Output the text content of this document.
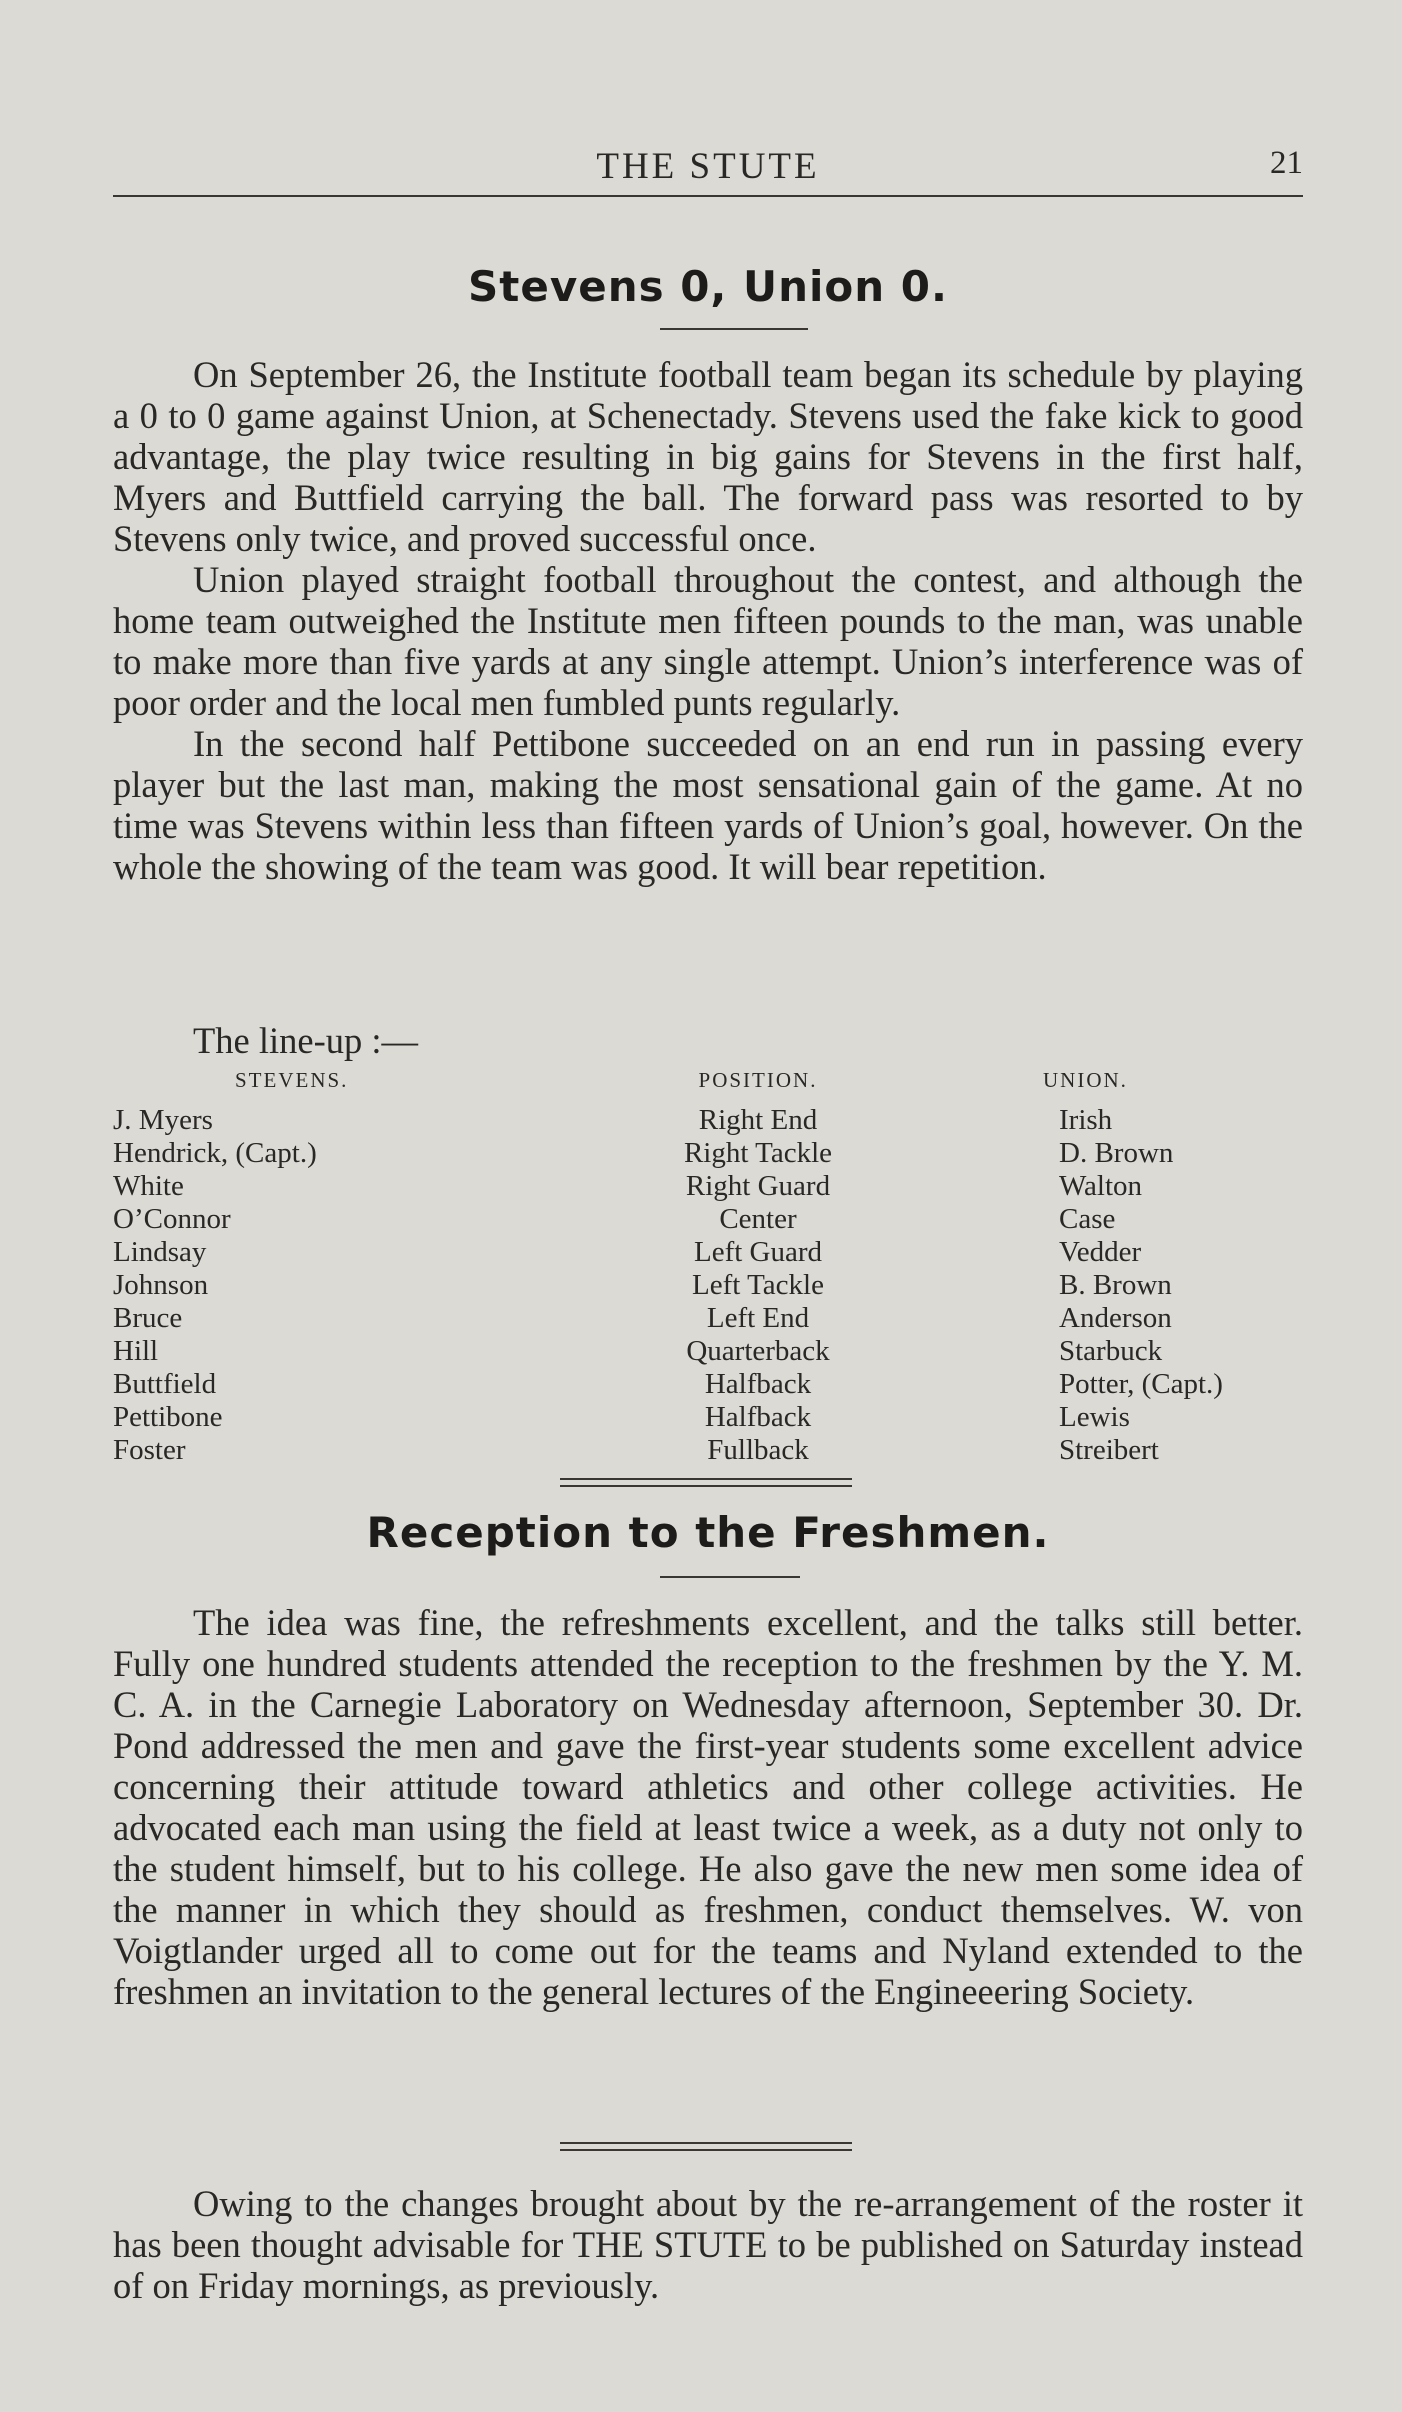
THE STUTE	21
Stevens 0, Union 0.

On September 26, the Institute football team began its schedule by playing a 0 to 0 game against Union, at Schenectady. Stevens used the fake kick to good advantage, the play twice resulting in big gains for Stevens in the first half, Myers and Buttfield carrying the ball. The forward pass was resorted to by Stevens only twice, and proved successful once.

Union played straight football throughout the contest, and although the home team outweighed the Institute men fifteen pounds to the man, was unable to make more than five yards at any single attempt. Union’s interference was of poor order and the local men fumbled punts regularly.

In the second half Pettibone succeeded on an end run in passing every player but the last man, making the most sensational gain of the game. At no time was Stevens within less than fifteen yards of Union’s goal, however. On the whole the showing of the team was good. It will bear repetition.

The line-up :—
STEVENS.	POSITION.	UNION.
J. Myers	Right End	Irish
Hendrick, (Capt.)	Right Tackle	D. Brown
White	Right Guard	Walton
O’Connor	Center	Case
Lindsay	Left Guard	Vedder
Johnson	Left Tackle	B. Brown
Bruce	Left End	Anderson
Hill	Quarterback	Starbuck
Buttfield	Halfback	Potter, (Capt.)
Pettibone	Halfback	Lewis
Foster	Fullback	Streibert
Reception to the Freshmen.

The idea was fine, the refreshments excellent, and the talks still better. Fully one hundred students attended the reception to the freshmen by the Y. M. C. A. in the Carnegie Laboratory on Wednesday afternoon, September 30. Dr. Pond addressed the men and gave the first-year students some excellent advice concerning their attitude toward athletics and other college activities. He advocated each man using the field at least twice a week, as a duty not only to the student himself, but to his college. He also gave the new men some idea of the manner in which they should as freshmen, conduct themselves. W. von Voigtlander urged all to come out for the teams and Nyland extended to the freshmen an invitation to the general lectures of the Engineeering Society.

Owing to the changes brought about by the re-arrangement of the roster it has been thought advisable for THE STUTE to be published on Saturday instead of on Friday mornings, as previously.
